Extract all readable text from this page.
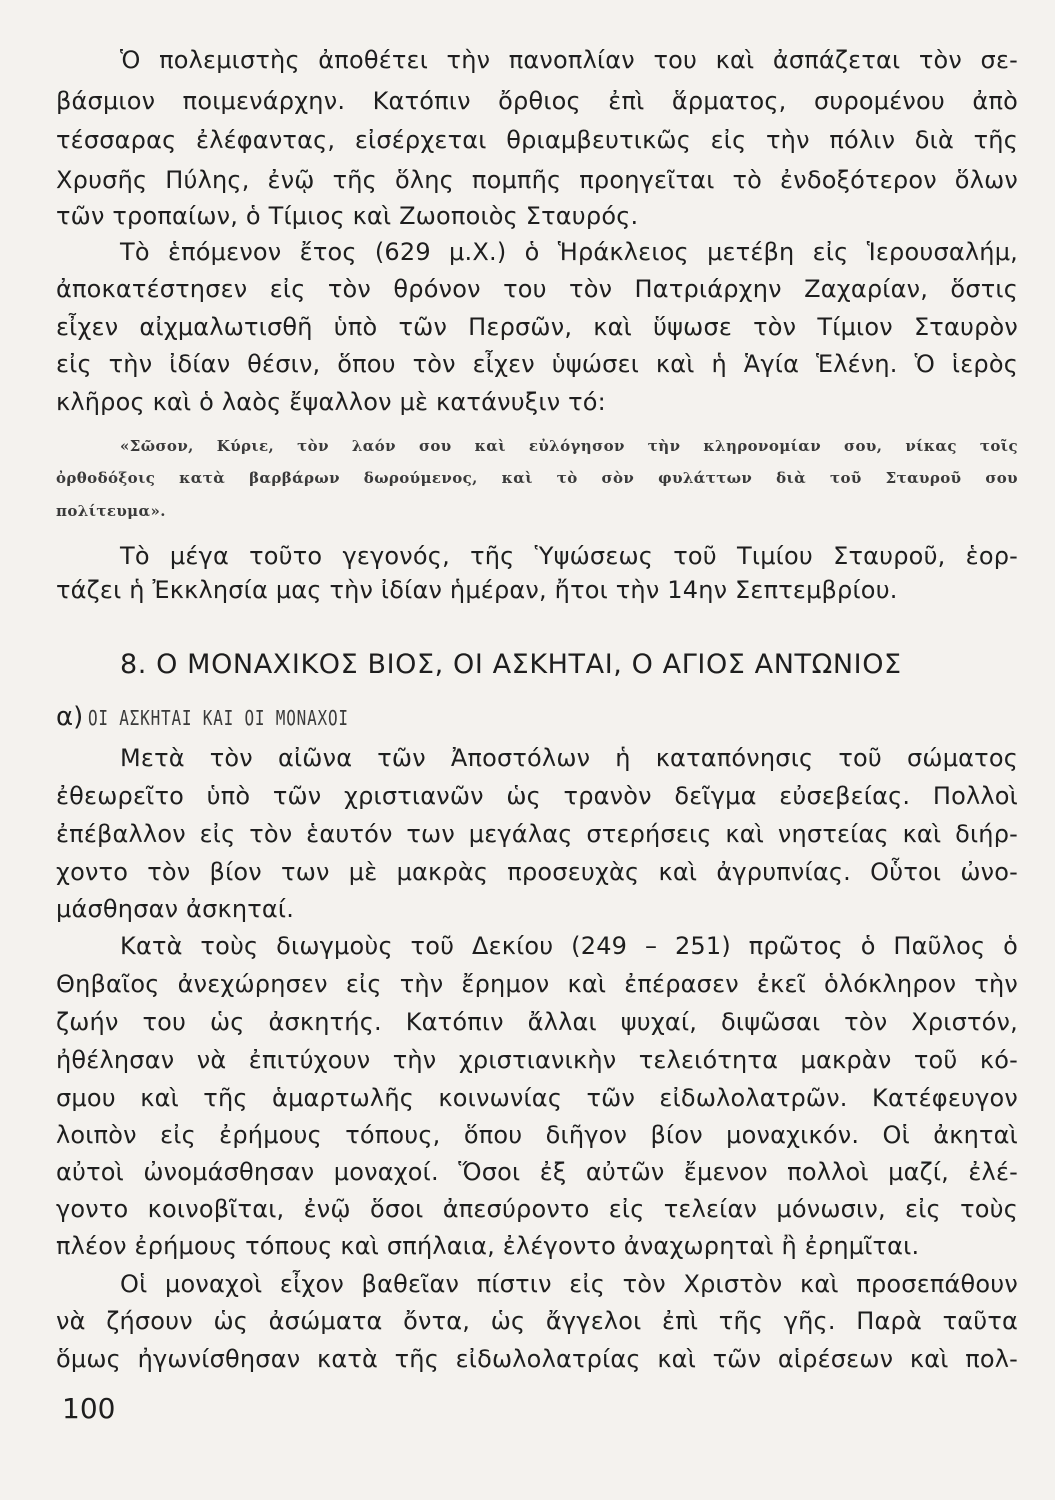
Ὁ πολεμιστὴς ἀποθέτει τὴν πανοπλίαν του καὶ ἀσπάζεται τὸν σε-
βάσμιον ποιμενάρχην. Κατόπιν ὄρθιος ἐπὶ ἅρματος, συρομένου ἀπὸ
τέσσαρας ἐλέφαντας, εἰσέρχεται θριαμβευτικῶς εἰς τὴν πόλιν διὰ τῆς
Χρυσῆς Πύλης, ἐνῷ τῆς ὅλης πομπῆς προηγεῖται τὸ ἐνδοξότερον ὅλων
τῶν τροπαίων, ὁ Τίμιος καὶ Ζωοποιὸς Σταυρός.
Τὸ ἑπόμενον ἔτος (629 μ.Χ.) ὁ Ἡράκλειος μετέβη εἰς Ἱερουσαλήμ,
ἀποκατέστησεν εἰς τὸν θρόνον του τὸν Πατριάρχην Ζαχαρίαν, ὅστις
εἶχεν αἰχμαλωτισθῆ ὑπὸ τῶν Περσῶν, καὶ ὕψωσε τὸν Τίμιον Σταυρὸν
εἰς τὴν ἰδίαν θέσιν, ὅπου τὸν εἶχεν ὑψώσει καὶ ἡ Ἁγία Ἑλένη. Ὁ ἱερὸς
κλῆρος καὶ ὁ λαὸς ἔψαλλον μὲ κατάνυξιν τό:
«Σῶσον, Κύριε, τὸν λαόν σου καὶ εὐλόγησον τὴν κληρονομίαν σου, νίκας τοῖς
ὀρθοδόξοις κατὰ βαρβάρων δωρούμενος, καὶ τὸ σὸν φυλάττων διὰ τοῦ Σταυροῦ σου
πολίτευμα».
Τὸ μέγα τοῦτο γεγονός, τῆς Ὑψώσεως τοῦ Τιμίου Σταυροῦ, ἑορ-
τάζει ἡ Ἐκκλησία μας τὴν ἰδίαν ἡμέραν, ἤτοι τὴν 14ην Σεπτεμβρίου.
8. Ο ΜΟΝΑΧΙΚΟΣ ΒΙΟΣ, ΟΙ ΑΣΚΗΤΑΙ, Ο ΑΓΙΟΣ ΑΝΤΩΝΙΟΣ
α) ΟΙ ΑΣΚΗΤΑΙ ΚΑΙ ΟΙ ΜΟΝΑΧΟΙ
Μετὰ τὸν αἰῶνα τῶν Ἀποστόλων ἡ καταπόνησις τοῦ σώματος
ἐθεωρεῖτο ὑπὸ τῶν χριστιανῶν ὡς τρανὸν δεῖγμα εὐσεβείας. Πολλοὶ
ἐπέβαλλον εἰς τὸν ἑαυτόν των μεγάλας στερήσεις καὶ νηστείας καὶ διήρ-
χοντο τὸν βίον των μὲ μακρὰς προσευχὰς καὶ ἀγρυπνίας. Οὗτοι ὠνο-
μάσθησαν ἀσκηταί.
Κατὰ τοὺς διωγμοὺς τοῦ Δεκίου (249 – 251) πρῶτος ὁ Παῦλος ὁ
Θηβαῖος ἀνεχώρησεν εἰς τὴν ἔρημον καὶ ἐπέρασεν ἐκεῖ ὁλόκληρον τὴν
ζωήν του ὡς ἀσκητής. Κατόπιν ἄλλαι ψυχαί, διψῶσαι τὸν Χριστόν,
ἠθέλησαν νὰ ἐπιτύχουν τὴν χριστιανικὴν τελειότητα μακρὰν τοῦ κό-
σμου καὶ τῆς ἁμαρτωλῆς κοινωνίας τῶν εἰδωλολατρῶν. Κατέφευγον
λοιπὸν εἰς ἐρήμους τόπους, ὅπου διῆγον βίον μοναχικόν. Οἱ ἀκηταὶ
αὐτοὶ ὠνομάσθησαν μοναχοί. Ὅσοι ἐξ αὐτῶν ἔμενον πολλοὶ μαζί, ἐλέ-
γοντο κοινοβῖται, ἐνῷ ὅσοι ἀπεσύροντο εἰς τελείαν μόνωσιν, εἰς τοὺς
πλέον ἐρήμους τόπους καὶ σπήλαια, ἐλέγοντο ἀναχωρηταὶ ἢ ἐρημῖται.
Οἱ μοναχοὶ εἶχον βαθεῖαν πίστιν εἰς τὸν Χριστὸν καὶ προσεπάθουν
νὰ ζήσουν ὡς ἀσώματα ὄντα, ὡς ἄγγελοι ἐπὶ τῆς γῆς. Παρὰ ταῦτα
ὅμως ἠγωνίσθησαν κατὰ τῆς εἰδωλολατρίας καὶ τῶν αἱρέσεων καὶ πολ-
100
